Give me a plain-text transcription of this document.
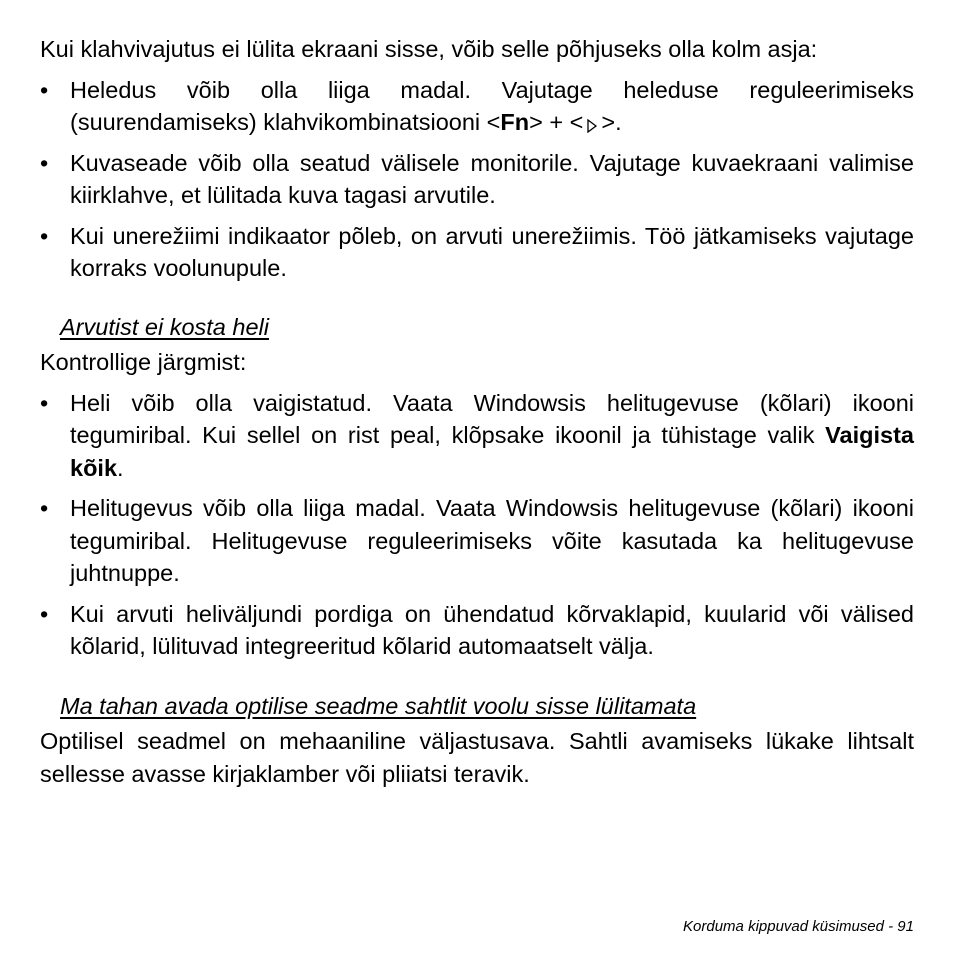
Kui klahvivajutus ei lülita ekraani sisse, võib selle põhjuseks olla kolm asja:

• Heledus võib olla liiga madal. Vajutage heleduse reguleerimiseks (suurendamiseks) klahvikombinatsiooni <Fn> + < >.
• Kuvaseade võib olla seatud välisele monitorile. Vajutage kuvaekraani valimise kiirklahve, et lülitada kuva tagasi arvutile.
• Kui unerežiimi indikaator põleb, on arvuti unerežiimis. Töö jätkamiseks vajutage korraks voolunupule.

Arvutist ei kosta heli

Kontrollige järgmist:

• Heli võib olla vaigistatud. Vaata Windowsis helitugevuse (kõlari) ikooni tegumiribal. Kui sellel on rist peal, klõpsake ikoonil ja tühistage valik Vaigista kõik.
• Helitugevus võib olla liiga madal. Vaata Windowsis helitugevuse (kõlari) ikooni tegumiribal. Helitugevuse reguleerimiseks võite kasutada ka helitugevuse juhtnuppe.
• Kui arvuti heliväljundi pordiga on ühendatud kõrvaklapid, kuularid või välised kõlarid, lülituvad integreeritud kõlarid automaatselt välja.

Ma tahan avada optilise seadme sahtlit voolu sisse lülitamata

Optilisel seadmel on mehaaniline väljastusava. Sahtli avamiseks lükake lihtsalt sellesse avasse kirjaklamber või pliiatsi teravik.

Korduma kippuvad küsimused - 91
